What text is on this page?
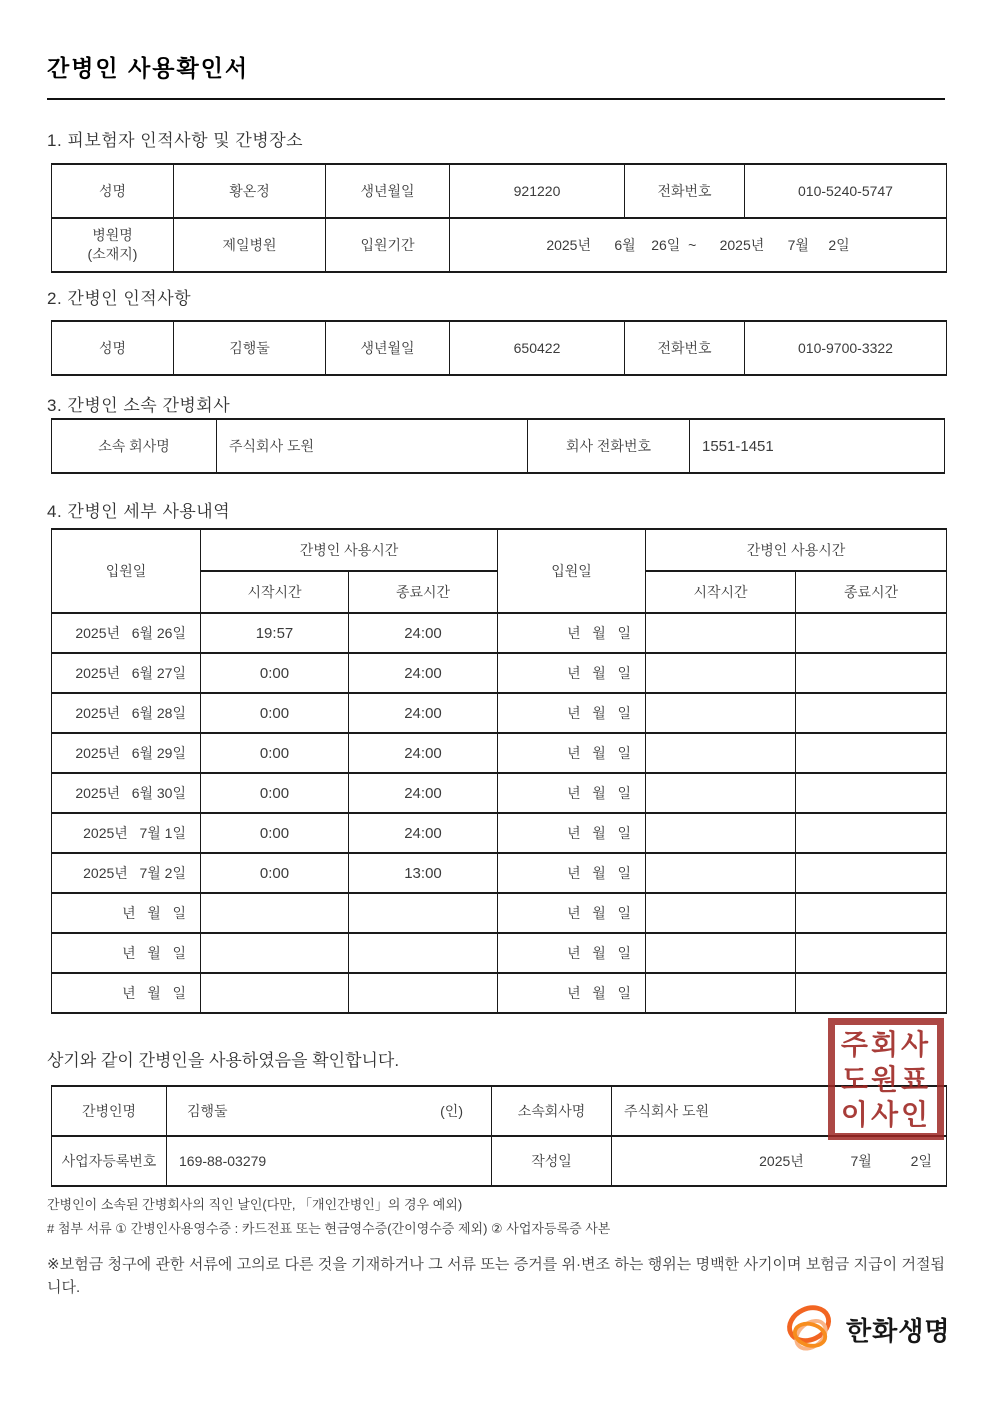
간병인 사용확인서
1. 피보험자 인적사항 및 간병장소
성명	황온정	생년월일	921220	전화번호	010-5240-5747

병원명
(소재지)	제일병원	입원기간	2025년      6월    26일  ~      2025년      7월     2일		
2. 간병인 인적사항
성명	김행둘	생년월일	650422	전화번호	010-9700-3322
3. 간병인 소속 간병회사
소속 회사명	주식회사 도원	회사 전화번호	1551-1451
4. 간병인 세부 사용내역
입원일	간병인 사용시간		입원일	간병인 사용시간	
	시작시간	종료시간		시작시간	종료시간
2025년   6월 26일	19:57	24:00	년   월   일		
2025년   6월 27일	0:00	24:00	년   월   일		
2025년   6월 28일	0:00	24:00	년   월   일		
2025년   6월 29일	0:00	24:00	년   월   일		
2025년   6월 30일	0:00	24:00	년   월   일		
2025년   7월 1일	0:00	24:00	년   월   일		
2025년   7월 2일	0:00	13:00	년   월   일		
년   월   일			년   월   일		
년   월   일			년   월   일		
년   월   일			년   월   일		
상기와 같이 간병인을 사용하였음을 확인합니다.
간병인명	김행둘 (인)	소속회사명	주식회사 도원
사업자등록번호	169-88-03279	작성일	2025년            7월          2일
주회사
도원표
이사인
간병인이 소속된 간병회사의 직인 날인(다만, 「개인간병인」의 경우 예외)
# 첨부 서류 ① 간병인사용영수증 : 카드전표 또는 현금영수증(간이영수증 제외) ② 사업자등록증 사본
※보험금 청구에 관한 서류에 고의로 다른 것을 기재하거나 그 서류 또는 증거를 위·변조 하는 행위는 명백한 사기이며 보험금 지급이 거절됩니다.
한화생명
